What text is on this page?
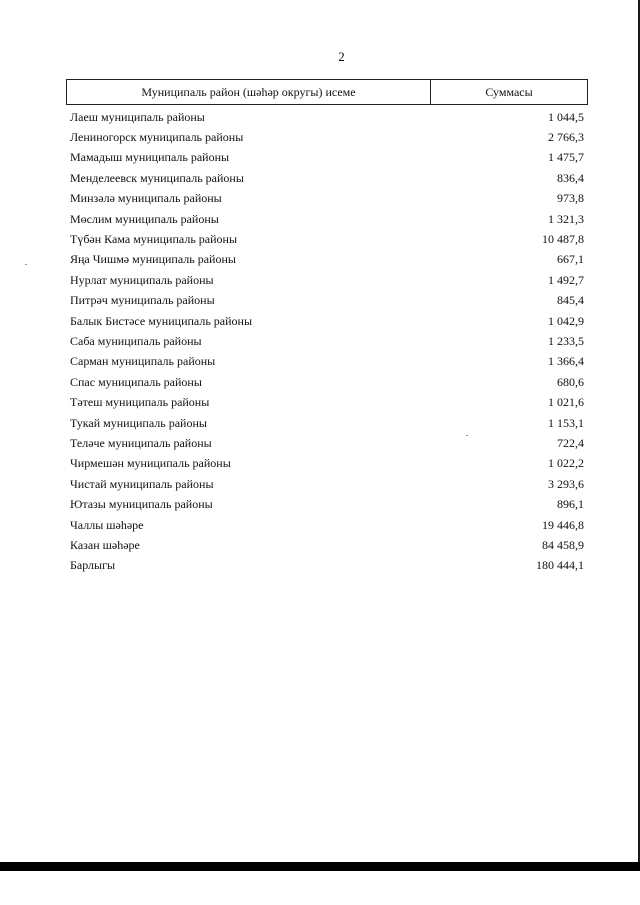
2
Муниципаль район (шәһәр округы) исеме	Суммасы
Лаеш муниципаль районы	1 044,5
Лениногорск муниципаль районы	2 766,3
Мамадыш муниципаль районы	1 475,7
Менделеевск муниципаль районы	836,4
Минзәлә муниципаль районы	973,8
Мөслим муниципаль районы	1 321,3
Түбән Кама муниципаль районы	10 487,8
Яңа Чишмә муниципаль районы	667,1
Нурлат муниципаль районы	1 492,7
Питрәч муниципаль районы	845,4
Балык Бистәсе муниципаль районы	1 042,9
Саба муниципаль районы	1 233,5
Сарман муниципаль районы	1 366,4
Спас муниципаль районы	680,6
Тәтеш муниципаль районы	1 021,6
Тукай муниципаль районы	1 153,1
Теләче муниципаль районы	722,4
Чирмешән муниципаль районы	1 022,2
Чистай муниципаль районы	3 293,6
Ютазы муниципаль районы	896,1
Чаллы шәһәре	19 446,8
Казан шәһәре	84 458,9
Барлыгы	180 444,1
